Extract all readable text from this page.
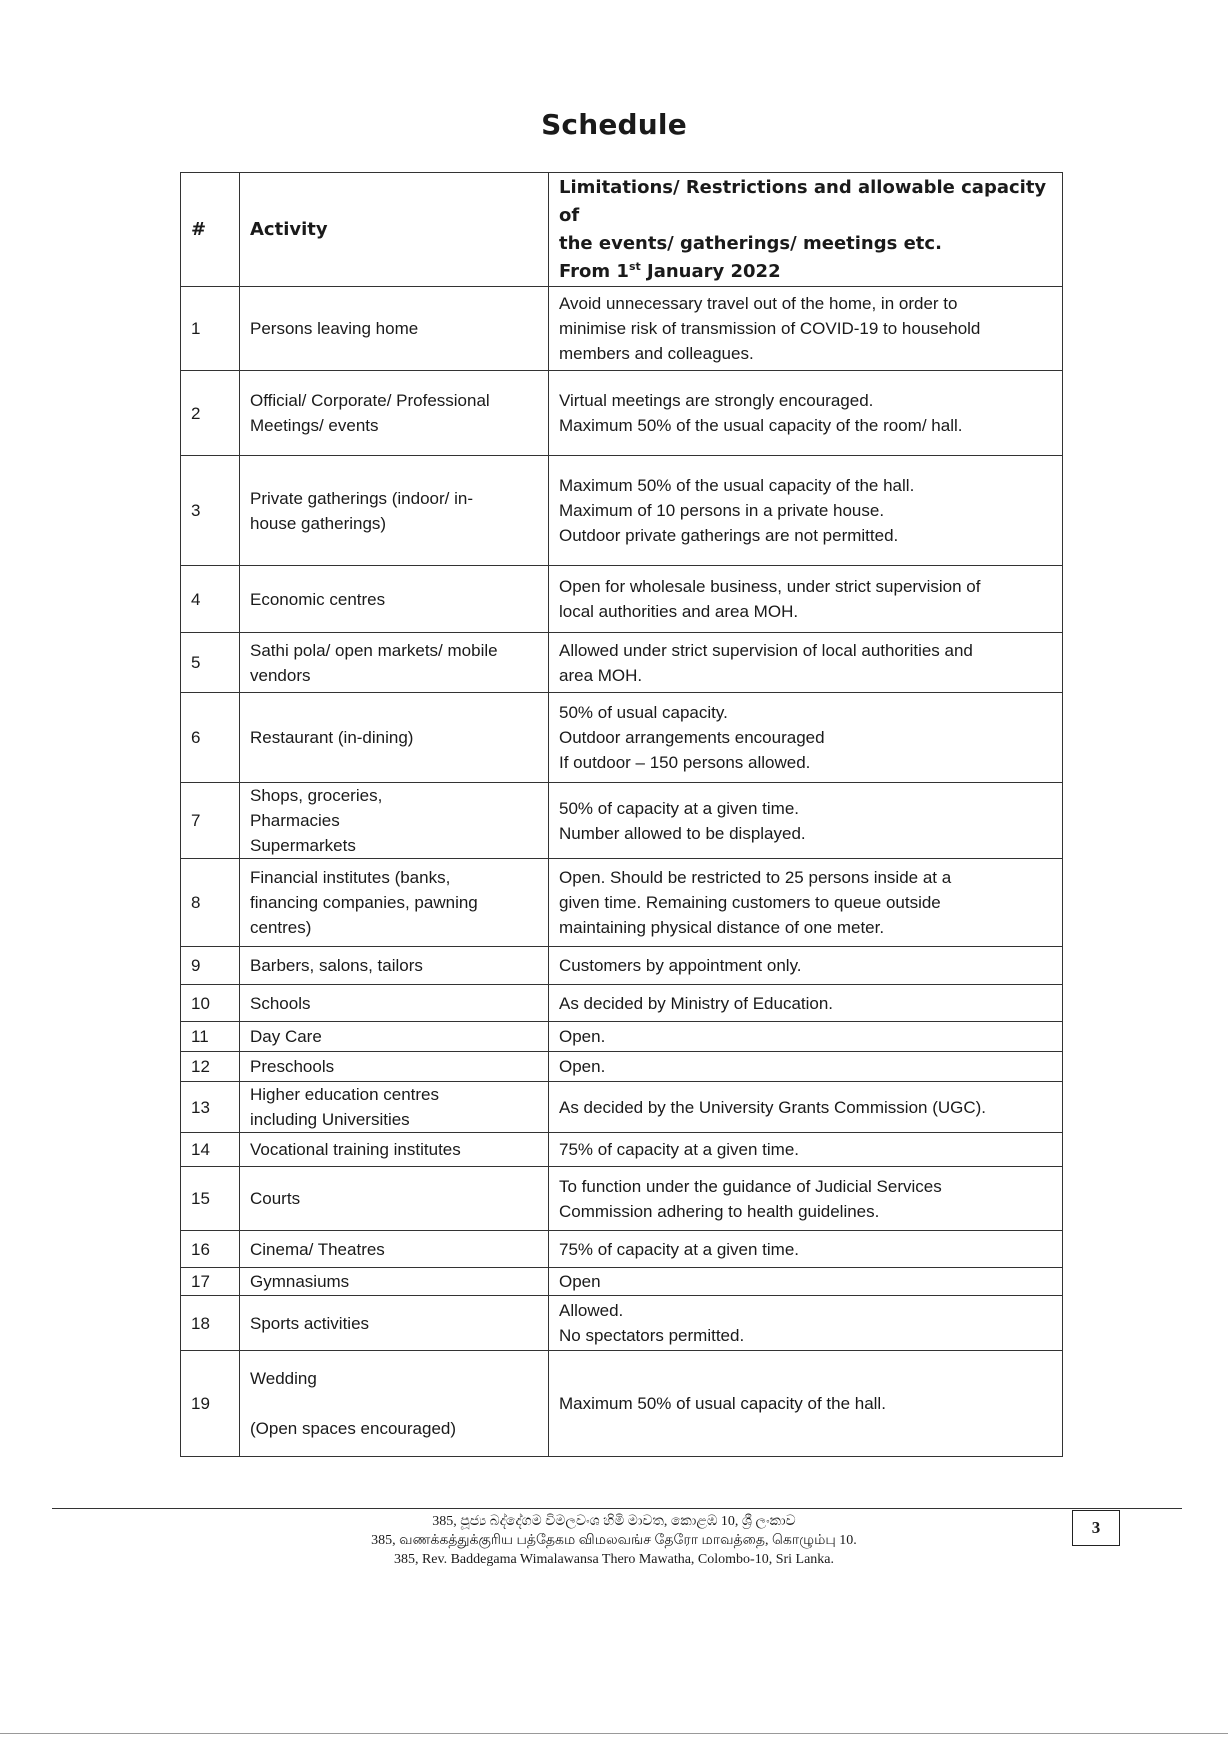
Schedule
#	Activity	Limitations/ Restrictions and allowable capacity of
the events/ gatherings/ meetings etc.
From 1st January 2022

1	Persons leaving home	Avoid unnecessary travel out of the home, in order to
minimise risk of transmission of COVID-19 to household
members and colleagues.

2	Official/ Corporate/ Professional
Meetings/ events	Virtual meetings are strongly encouraged.
Maximum 50% of the usual capacity of the room/ hall.

3	Private gatherings (indoor/ in-
house gatherings)	Maximum 50% of the usual capacity of the hall.
Maximum of 10 persons in a private house.
Outdoor private gatherings are not permitted.

4	Economic centres	Open for wholesale business, under strict supervision of
local authorities and area MOH.

5	Sathi pola/ open markets/ mobile
vendors	Allowed under strict supervision of local authorities and
area MOH.

6	Restaurant (in-dining)	50% of usual capacity.
Outdoor arrangements encouraged
If outdoor – 150 persons allowed.

7	Shops, groceries,
Pharmacies
Supermarkets	50% of capacity at a given time.
Number allowed to be displayed.

8	Financial institutes (banks,
financing companies, pawning
centres)	Open. Should be restricted to 25 persons inside at a
given time. Remaining customers to queue outside
maintaining physical distance of one meter.

9	Barbers, salons, tailors	Customers by appointment only.

10	Schools	As decided by Ministry of Education.

11	Day Care	Open.

12	Preschools	Open.

13	Higher education centres
including Universities	As decided by the University Grants Commission (UGC).

14	Vocational training institutes	75% of capacity at a given time.

15	Courts	To function under the guidance of Judicial Services
Commission adhering to health guidelines.

16	Cinema/ Theatres	75% of capacity at a given time.

17	Gymnasiums	Open

18	Sports activities	Allowed.
No spectators permitted.

19	Wedding

(Open spaces encouraged)	Maximum 50% of usual capacity of the hall.
385, පූජ්‍ය බද්දේගම විමලවංශ හිමි මාවත, කොළඹ 10, ශ්‍රී ලංකාව
385, வணக்கத்துக்குரிய பத்தேகம விமலவங்ச தேரோ மாவத்தை, கொழும்பு 10.
385, Rev. Baddegama Wimalawansa Thero Mawatha, Colombo-10, Sri Lanka.
3
